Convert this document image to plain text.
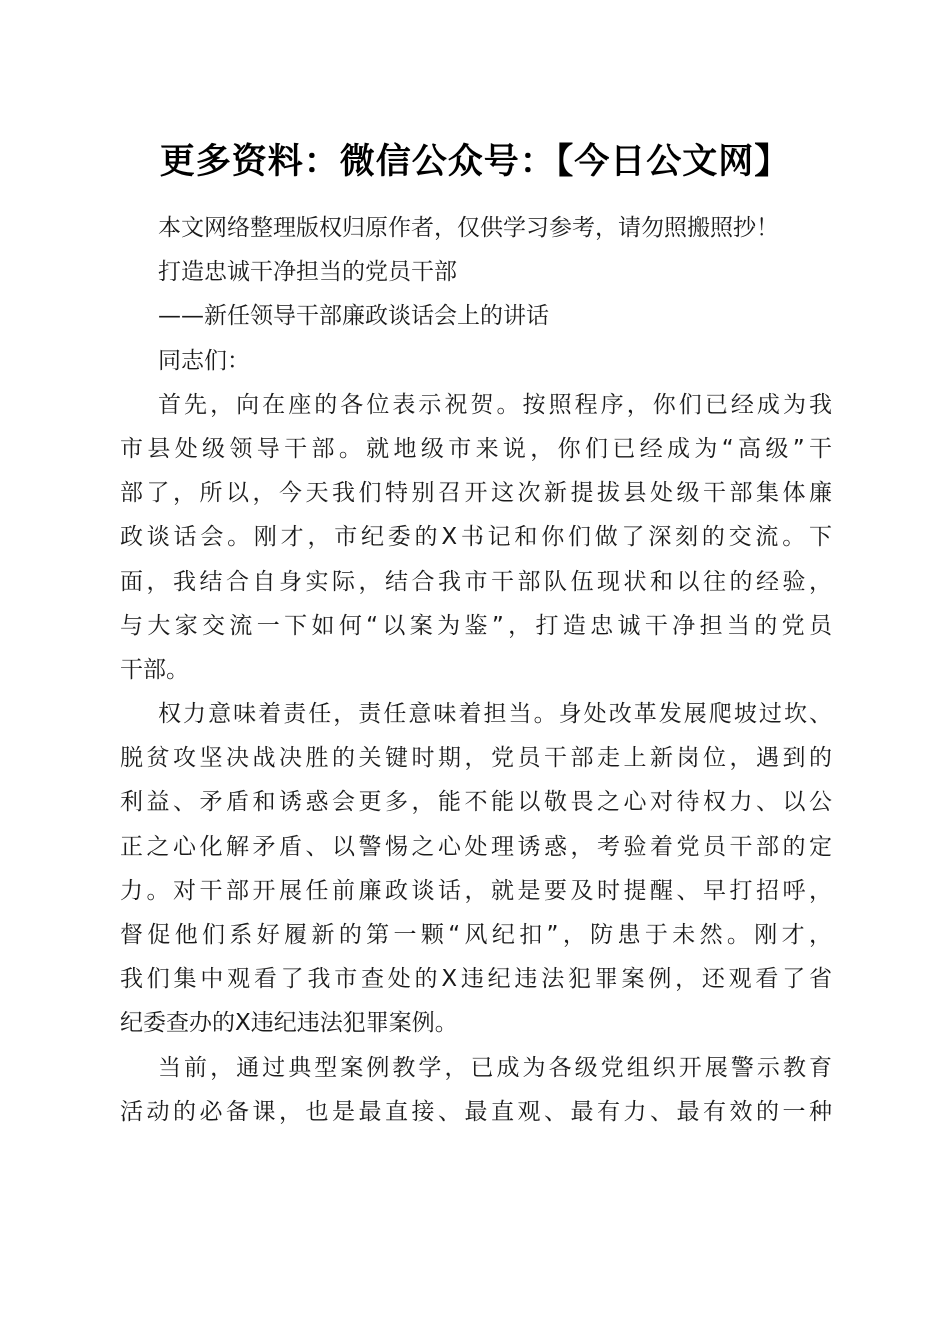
更多资料：微信公众号：【今日公文网】
本文网络整理版权归原作者，仅供学习参考，请勿照搬照抄！
打造忠诚干净担当的党员干部
——新任领导干部廉政谈话会上的讲话
同志们：
首先，向在座的各位表示祝贺。按照程序，你们已经成为我
市县处级领导干部。就地级市来说，你们已经成为“高级”干
部了，所以，今天我们特别召开这次新提拔县处级干部集体廉
政谈话会。刚才，市纪委的X书记和你们做了深刻的交流。下
面，我结合自身实际，结合我市干部队伍现状和以往的经验，
与大家交流一下如何“以案为鉴”，打造忠诚干净担当的党员
干部。
权力意味着责任，责任意味着担当。身处改革发展爬坡过坎、
脱贫攻坚决战决胜的关键时期，党员干部走上新岗位，遇到的
利益、矛盾和诱惑会更多，能不能以敬畏之心对待权力、以公
正之心化解矛盾、以警惕之心处理诱惑，考验着党员干部的定
力。对干部开展任前廉政谈话，就是要及时提醒、早打招呼，
督促他们系好履新的第一颗“风纪扣”，防患于未然。刚才，
我们集中观看了我市查处的X违纪违法犯罪案例，还观看了省
纪委查办的X违纪违法犯罪案例。
当前，通过典型案例教学，已成为各级党组织开展警示教育
活动的必备课，也是最直接、最直观、最有力、最有效的一种
